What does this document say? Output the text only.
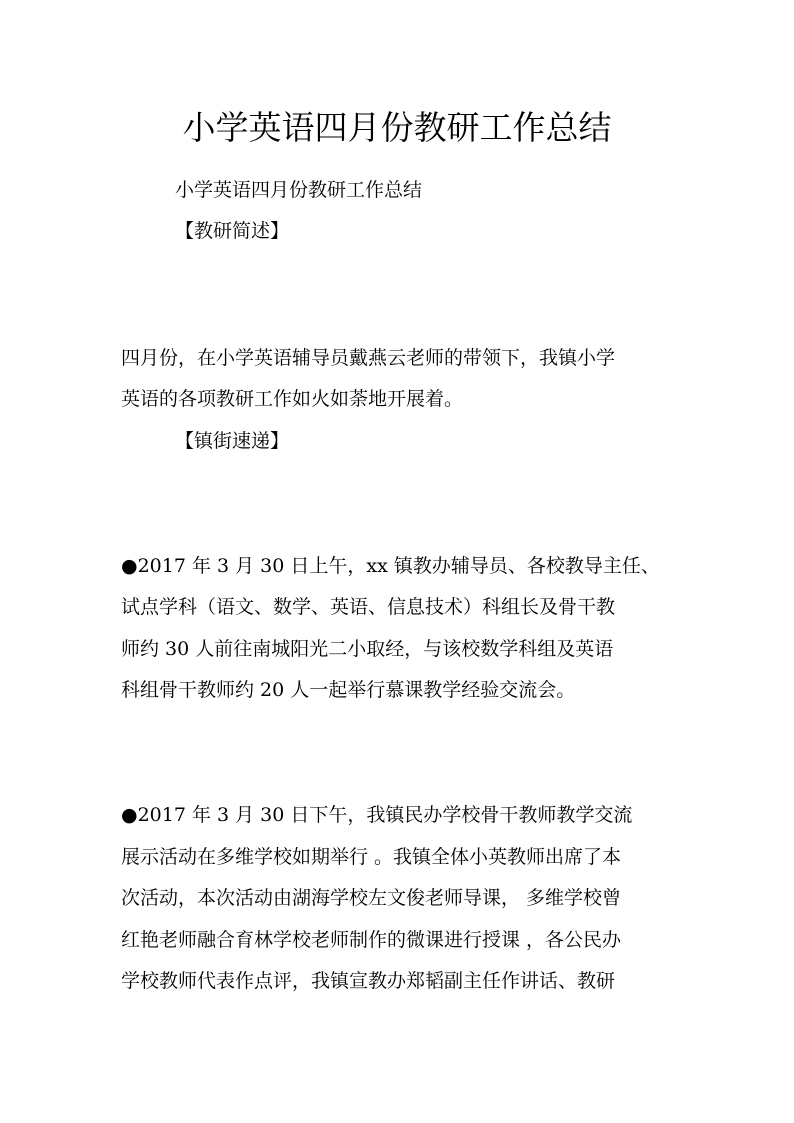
小学英语四月份教研工作总结

小学英语四月份教研工作总结

【教研简述】

四月份，在小学英语辅导员戴燕云老师的带领下，我镇小学

英语的各项教研工作如火如荼地开展着。

【镇街速递】

●2017 年 3 月 30 日上午，xx 镇教办辅导员、各校教导主任、

试点学科（语文、数学、英语、信息技术）科组长及骨干教

师约 30 人前往南城阳光二小取经，与该校数学科组及英语

科组骨干教师约 20 人一起举行慕课教学经验交流会。

●2017 年 3 月 30 日下午，我镇民办学校骨干教师教学交流

展示活动在多维学校如期举行 。我镇全体小英教师出席了本

次活动，本次活动由湖海学校左文俊老师导课， 多维学校曾

红艳老师融合育林学校老师制作的微课进行授课 ，各公民办

学校教师代表作点评，我镇宣教办郑韬副主任作讲话、教研
